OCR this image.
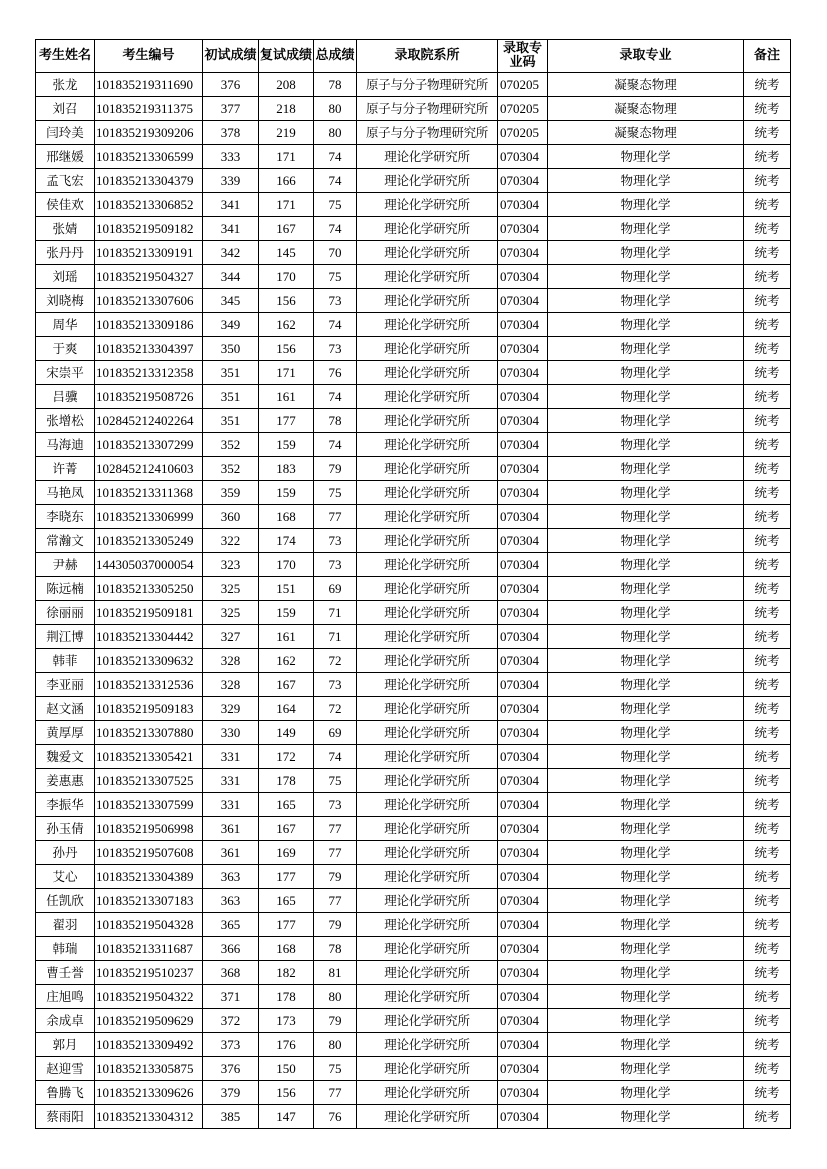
考生姓名	考生编号	初试成绩	复试成绩	总成绩	录取院系所	录取专业码	录取专业	备注
张龙	101835219311690	376	208	78	原子与分子物理研究所	070205	凝聚态物理	统考
刘召	101835219311375	377	218	80	原子与分子物理研究所	070205	凝聚态物理	统考
闫玲美	101835219309206	378	219	80	原子与分子物理研究所	070205	凝聚态物理	统考
邢继媛	101835213306599	333	171	74	理论化学研究所	070304	物理化学	统考
孟飞宏	101835213304379	339	166	74	理论化学研究所	070304	物理化学	统考
侯佳欢	101835213306852	341	171	75	理论化学研究所	070304	物理化学	统考
张婧	101835219509182	341	167	74	理论化学研究所	070304	物理化学	统考
张丹丹	101835213309191	342	145	70	理论化学研究所	070304	物理化学	统考
刘瑶	101835219504327	344	170	75	理论化学研究所	070304	物理化学	统考
刘晓梅	101835213307606	345	156	73	理论化学研究所	070304	物理化学	统考
周华	101835213309186	349	162	74	理论化学研究所	070304	物理化学	统考
于爽	101835213304397	350	156	73	理论化学研究所	070304	物理化学	统考
宋崇平	101835213312358	351	171	76	理论化学研究所	070304	物理化学	统考
吕骥	101835219508726	351	161	74	理论化学研究所	070304	物理化学	统考
张增松	102845212402264	351	177	78	理论化学研究所	070304	物理化学	统考
马海迪	101835213307299	352	159	74	理论化学研究所	070304	物理化学	统考
许菁	102845212410603	352	183	79	理论化学研究所	070304	物理化学	统考
马艳凤	101835213311368	359	159	75	理论化学研究所	070304	物理化学	统考
李晓东	101835213306999	360	168	77	理论化学研究所	070304	物理化学	统考
常瀚文	101835213305249	322	174	73	理论化学研究所	070304	物理化学	统考
尹赫	144305037000054	323	170	73	理论化学研究所	070304	物理化学	统考
陈远楠	101835213305250	325	151	69	理论化学研究所	070304	物理化学	统考
徐丽丽	101835219509181	325	159	71	理论化学研究所	070304	物理化学	统考
荆江博	101835213304442	327	161	71	理论化学研究所	070304	物理化学	统考
韩菲	101835213309632	328	162	72	理论化学研究所	070304	物理化学	统考
李亚丽	101835213312536	328	167	73	理论化学研究所	070304	物理化学	统考
赵文涵	101835219509183	329	164	72	理论化学研究所	070304	物理化学	统考
黄厚厚	101835213307880	330	149	69	理论化学研究所	070304	物理化学	统考
魏爱文	101835213305421	331	172	74	理论化学研究所	070304	物理化学	统考
姜惠惠	101835213307525	331	178	75	理论化学研究所	070304	物理化学	统考
李振华	101835213307599	331	165	73	理论化学研究所	070304	物理化学	统考
孙玉倩	101835219506998	361	167	77	理论化学研究所	070304	物理化学	统考
孙丹	101835219507608	361	169	77	理论化学研究所	070304	物理化学	统考
艾心	101835213304389	363	177	79	理论化学研究所	070304	物理化学	统考
任凯欣	101835213307183	363	165	77	理论化学研究所	070304	物理化学	统考
翟羽	101835219504328	365	177	79	理论化学研究所	070304	物理化学	统考
韩瑞	101835213311687	366	168	78	理论化学研究所	070304	物理化学	统考
曹壬誉	101835219510237	368	182	81	理论化学研究所	070304	物理化学	统考
庄旭鸣	101835219504322	371	178	80	理论化学研究所	070304	物理化学	统考
余成卓	101835219509629	372	173	79	理论化学研究所	070304	物理化学	统考
郭月	101835213309492	373	176	80	理论化学研究所	070304	物理化学	统考
赵迎雪	101835213305875	376	150	75	理论化学研究所	070304	物理化学	统考
鲁腾飞	101835213309626	379	156	77	理论化学研究所	070304	物理化学	统考
蔡雨阳	101835213304312	385	147	76	理论化学研究所	070304	物理化学	统考
